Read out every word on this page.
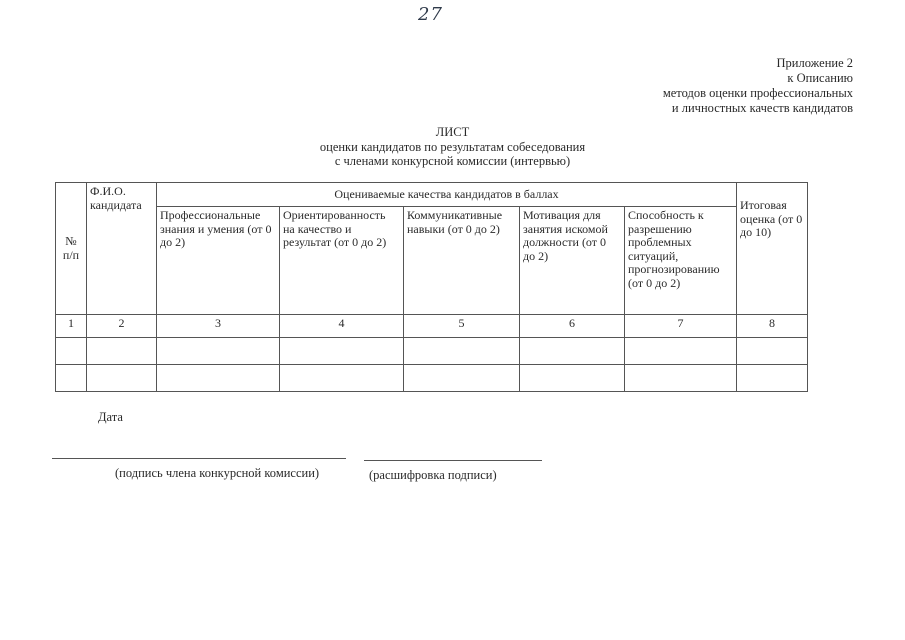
27
Приложение 2
к Описанию
методов оценки профессиональных
и личностных качеств кандидатов
ЛИСТ
оценки кандидатов по результатам собеседования
с членами конкурсной комиссии (интервью)
№ п/п	Ф.И.О. кандидата	Оцениваемые качества кандидатов в баллах					Итоговая оценка (от 0 до 10)
		Профессиональные знания и умения (от 0 до 2)	Ориентированность на качество и результат (от 0 до 2)	Коммуникативные навыки (от 0 до 2)	Мотивация для занятия искомой должности (от 0 до 2)	Способность к разрешению проблемных ситуаций, прогнозированию (от 0 до 2)	
1	2	3	4	5	6	7	8

Дата
(подпись члена конкурсной комиссии)	(расшифровка подписи)
